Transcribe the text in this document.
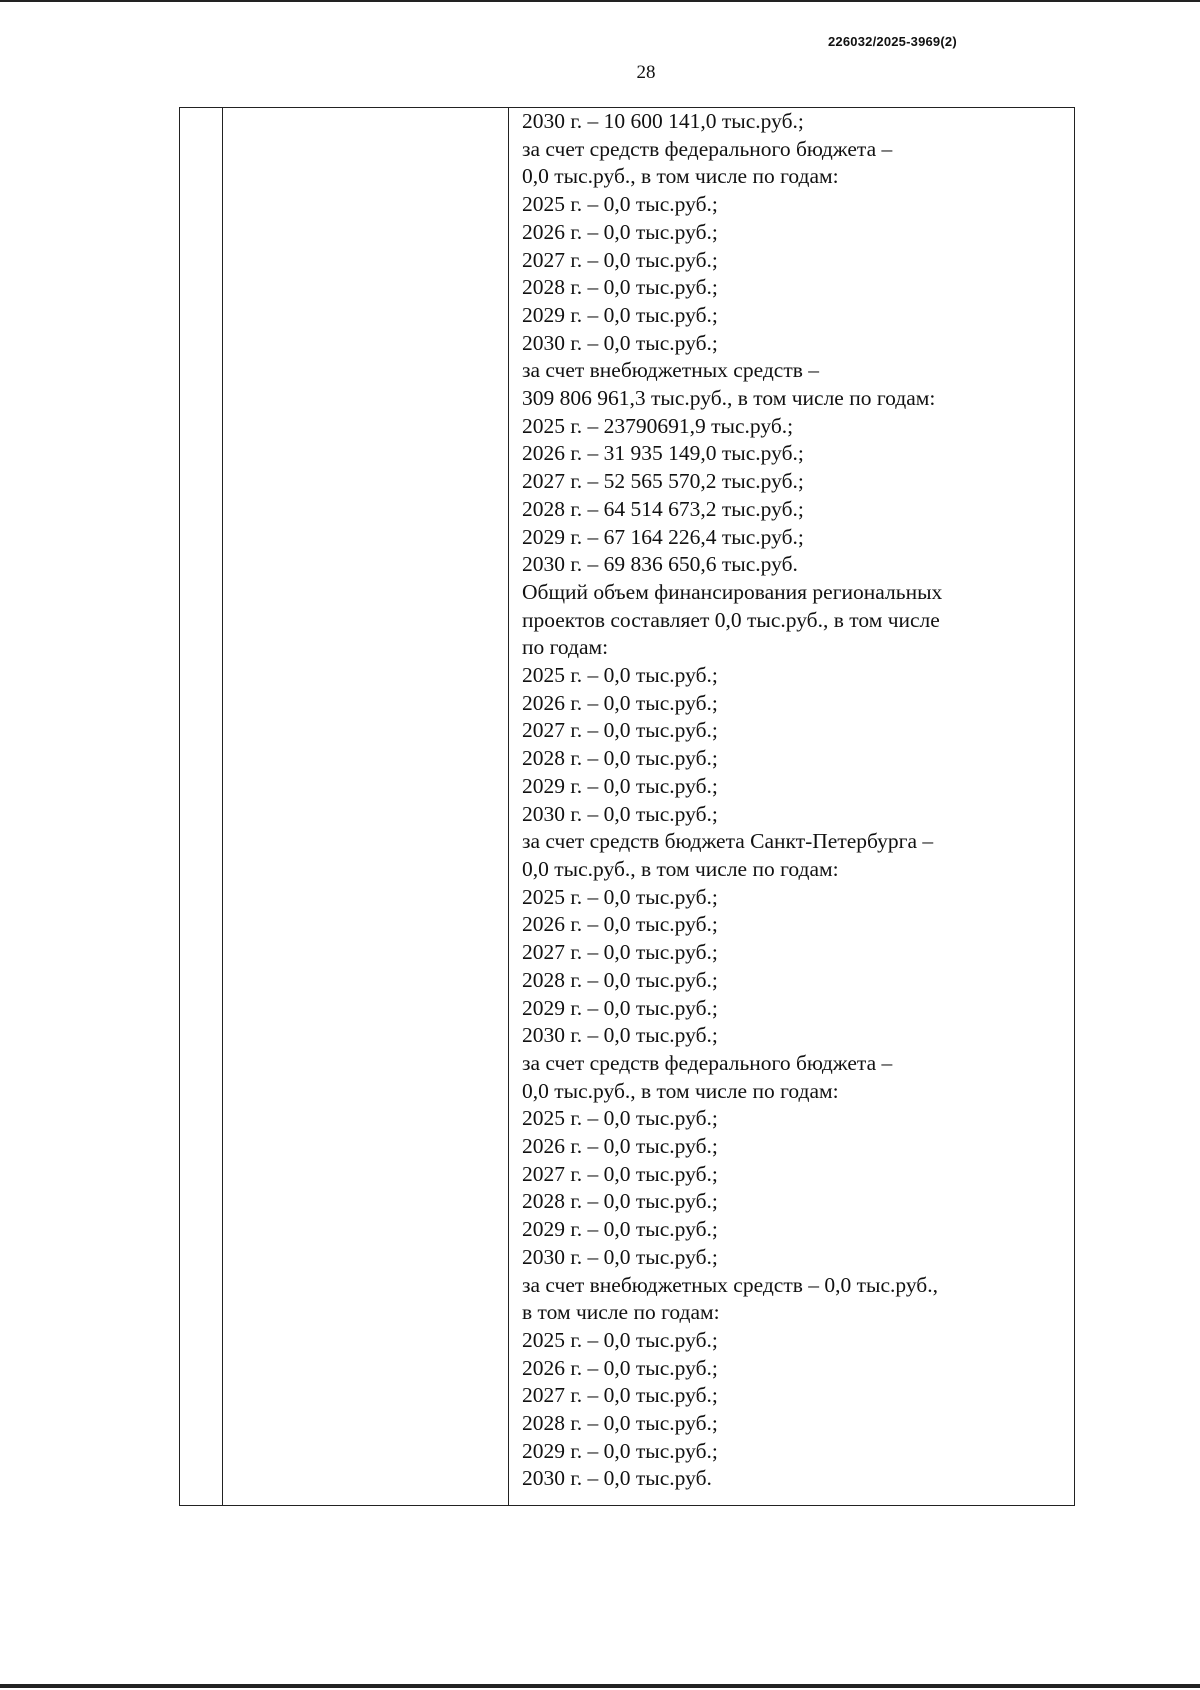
226032/2025-3969(2)
28
2030 г. – 10 600 141,0 тыс.руб.;
за счет средств федерального бюджета –
0,0 тыс.руб., в том числе по годам:
2025 г. – 0,0 тыс.руб.;
2026 г. – 0,0 тыс.руб.;
2027 г. – 0,0 тыс.руб.;
2028 г. – 0,0 тыс.руб.;
2029 г. – 0,0 тыс.руб.;
2030 г. – 0,0 тыс.руб.;
за счет внебюджетных средств –
309 806 961,3 тыс.руб., в том числе по годам:
2025 г. – 23790691,9 тыс.руб.;
2026 г. – 31 935 149,0 тыс.руб.;
2027 г. – 52 565 570,2 тыс.руб.;
2028 г. – 64 514 673,2 тыс.руб.;
2029 г. – 67 164 226,4 тыс.руб.;
2030 г. – 69 836 650,6 тыс.руб.
Общий объем финансирования региональных
проектов составляет 0,0 тыс.руб., в том числе
по годам:
2025 г. – 0,0 тыс.руб.;
2026 г. – 0,0 тыс.руб.;
2027 г. – 0,0 тыс.руб.;
2028 г. – 0,0 тыс.руб.;
2029 г. – 0,0 тыс.руб.;
2030 г. – 0,0 тыс.руб.;
за счет средств бюджета Санкт-Петербурга –
0,0 тыс.руб., в том числе по годам:
2025 г. – 0,0 тыс.руб.;
2026 г. – 0,0 тыс.руб.;
2027 г. – 0,0 тыс.руб.;
2028 г. – 0,0 тыс.руб.;
2029 г. – 0,0 тыс.руб.;
2030 г. – 0,0 тыс.руб.;
за счет средств федерального бюджета –
0,0 тыс.руб., в том числе по годам:
2025 г. – 0,0 тыс.руб.;
2026 г. – 0,0 тыс.руб.;
2027 г. – 0,0 тыс.руб.;
2028 г. – 0,0 тыс.руб.;
2029 г. – 0,0 тыс.руб.;
2030 г. – 0,0 тыс.руб.;
за счет внебюджетных средств – 0,0 тыс.руб.,
в том числе по годам:
2025 г. – 0,0 тыс.руб.;
2026 г. – 0,0 тыс.руб.;
2027 г. – 0,0 тыс.руб.;
2028 г. – 0,0 тыс.руб.;
2029 г. – 0,0 тыс.руб.;
2030 г. – 0,0 тыс.руб.
